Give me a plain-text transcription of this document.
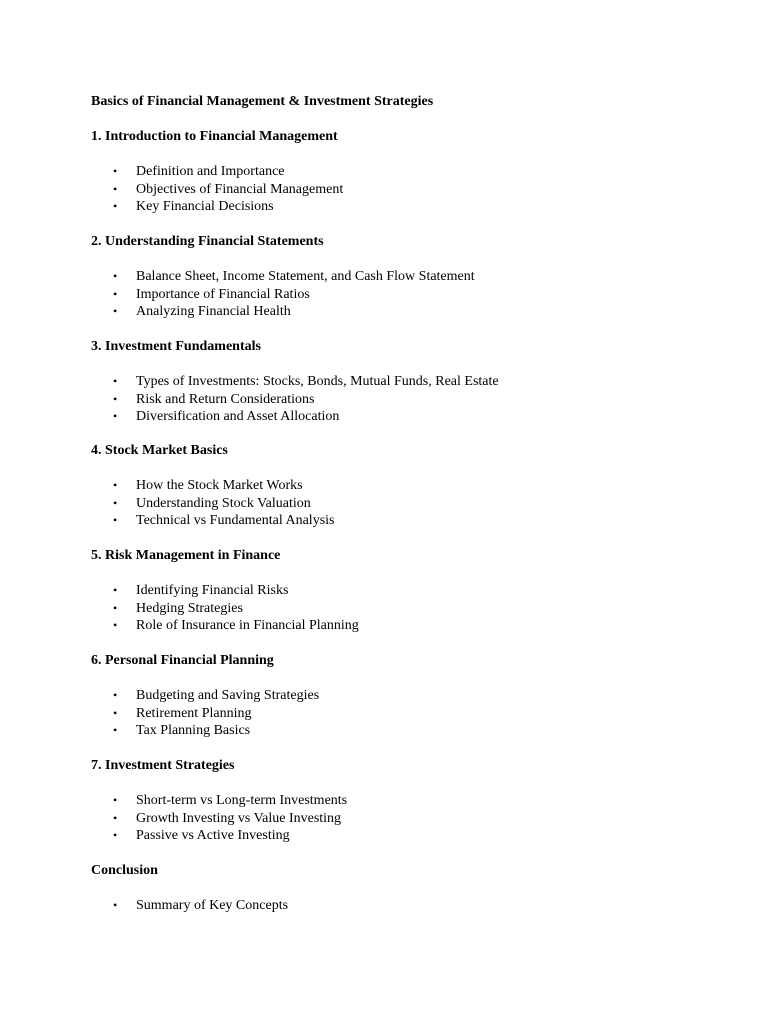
Basics of Financial Management & Investment Strategies
1. Introduction to Financial Management
• Definition and Importance
• Objectives of Financial Management
• Key Financial Decisions
2. Understanding Financial Statements
• Balance Sheet, Income Statement, and Cash Flow Statement
• Importance of Financial Ratios
• Analyzing Financial Health
3. Investment Fundamentals
• Types of Investments: Stocks, Bonds, Mutual Funds, Real Estate
• Risk and Return Considerations
• Diversification and Asset Allocation
4. Stock Market Basics
• How the Stock Market Works
• Understanding Stock Valuation
• Technical vs Fundamental Analysis
5. Risk Management in Finance
• Identifying Financial Risks
• Hedging Strategies
• Role of Insurance in Financial Planning
6. Personal Financial Planning
• Budgeting and Saving Strategies
• Retirement Planning
• Tax Planning Basics
7. Investment Strategies
• Short-term vs Long-term Investments
• Growth Investing vs Value Investing
• Passive vs Active Investing
Conclusion
• Summary of Key Concepts
